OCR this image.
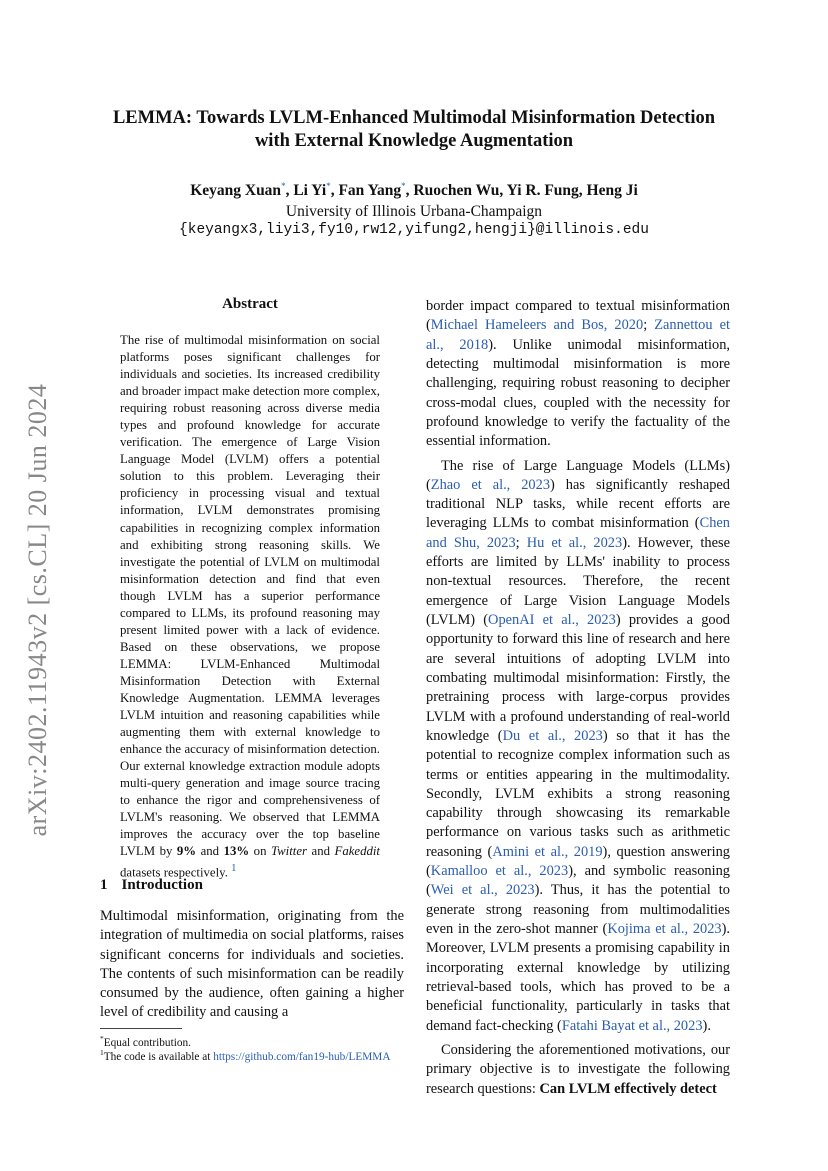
arXiv:2402.11943v2 [cs.CL] 20 Jun 2024
LEMMA: Towards LVLM-Enhanced Multimodal Misinformation Detection with External Knowledge Augmentation
Keyang Xuan*, Li Yi*, Fan Yang*, Ruochen Wu, Yi R. Fung, Heng Ji
University of Illinois Urbana-Champaign
{keyangx3,liyi3,fy10,rw12,yifung2,hengji}@illinois.edu
Abstract
The rise of multimodal misinformation on social platforms poses significant challenges for individuals and societies. Its increased credibility and broader impact make detection more complex, requiring robust reasoning across diverse media types and profound knowledge for accurate verification. The emergence of Large Vision Language Model (LVLM) offers a potential solution to this problem. Leveraging their proficiency in processing visual and textual information, LVLM demonstrates promising capabilities in recognizing complex information and exhibiting strong reasoning skills. We investigate the potential of LVLM on multimodal misinformation detection and find that even though LVLM has a superior performance compared to LLMs, its profound reasoning may present limited power with a lack of evidence. Based on these observations, we propose LEMMA: LVLM-Enhanced Multimodal Misinformation Detection with External Knowledge Augmentation. LEMMA leverages LVLM intuition and reasoning capabilities while augmenting them with external knowledge to enhance the accuracy of misinformation detection. Our external knowledge extraction module adopts multi-query generation and image source tracing to enhance the rigor and comprehensiveness of LVLM's reasoning. We observed that LEMMA improves the accuracy over the top baseline LVLM by 9% and 13% on Twitter and Fakeddit datasets respectively. $^1$
1 Introduction
Multimodal misinformation, originating from the integration of multimedia on social platforms, raises significant concerns for individuals and societies. The contents of such misinformation can be readily consumed by the audience, often gaining a higher level of credibility and causing a
*Equal contribution.
$^1$The code is available at https://github.com/fan19-hub/LEMMA

border impact compared to textual misinformation (Michael Hameleers and Bos, 2020; Zannettou et al., 2018). Unlike unimodal misinformation, detecting multimodal misinformation is more challenging, requiring robust reasoning to decipher cross-modal clues, coupled with the necessity for profound knowledge to verify the factuality of the essential information.

The rise of Large Language Models (LLMs) (Zhao et al., 2023) has significantly reshaped traditional NLP tasks, while recent efforts are leveraging LLMs to combat misinformation (Chen and Shu, 2023; Hu et al., 2023). However, these efforts are limited by LLMs' inability to process non-textual resources. Therefore, the recent emergence of Large Vision Language Models (LVLM) (OpenAI et al., 2023) provides a good opportunity to forward this line of research and here are several intuitions of adopting LVLM into combating multimodal misinformation: Firstly, the pretraining process with large-corpus provides LVLM with a profound understanding of real-world knowledge (Du et al., 2023) so that it has the potential to recognize complex information such as terms or entities appearing in the multimodality. Secondly, LVLM exhibits a strong reasoning capability through showcasing its remarkable performance on various tasks such as arithmetic reasoning (Amini et al., 2019), question answering (Kamalloo et al., 2023), and symbolic reasoning (Wei et al., 2023). Thus, it has the potential to generate strong reasoning from multimodalities even in the zero-shot manner (Kojima et al., 2023). Moreover, LVLM presents a promising capability in incorporating external knowledge by utilizing retrieval-based tools, which has proved to be a beneficial functionality, particularly in tasks that demand fact-checking (Fatahi Bayat et al., 2023).

Considering the aforementioned motivations, our primary objective is to investigate the following research questions: Can LVLM effectively detect
